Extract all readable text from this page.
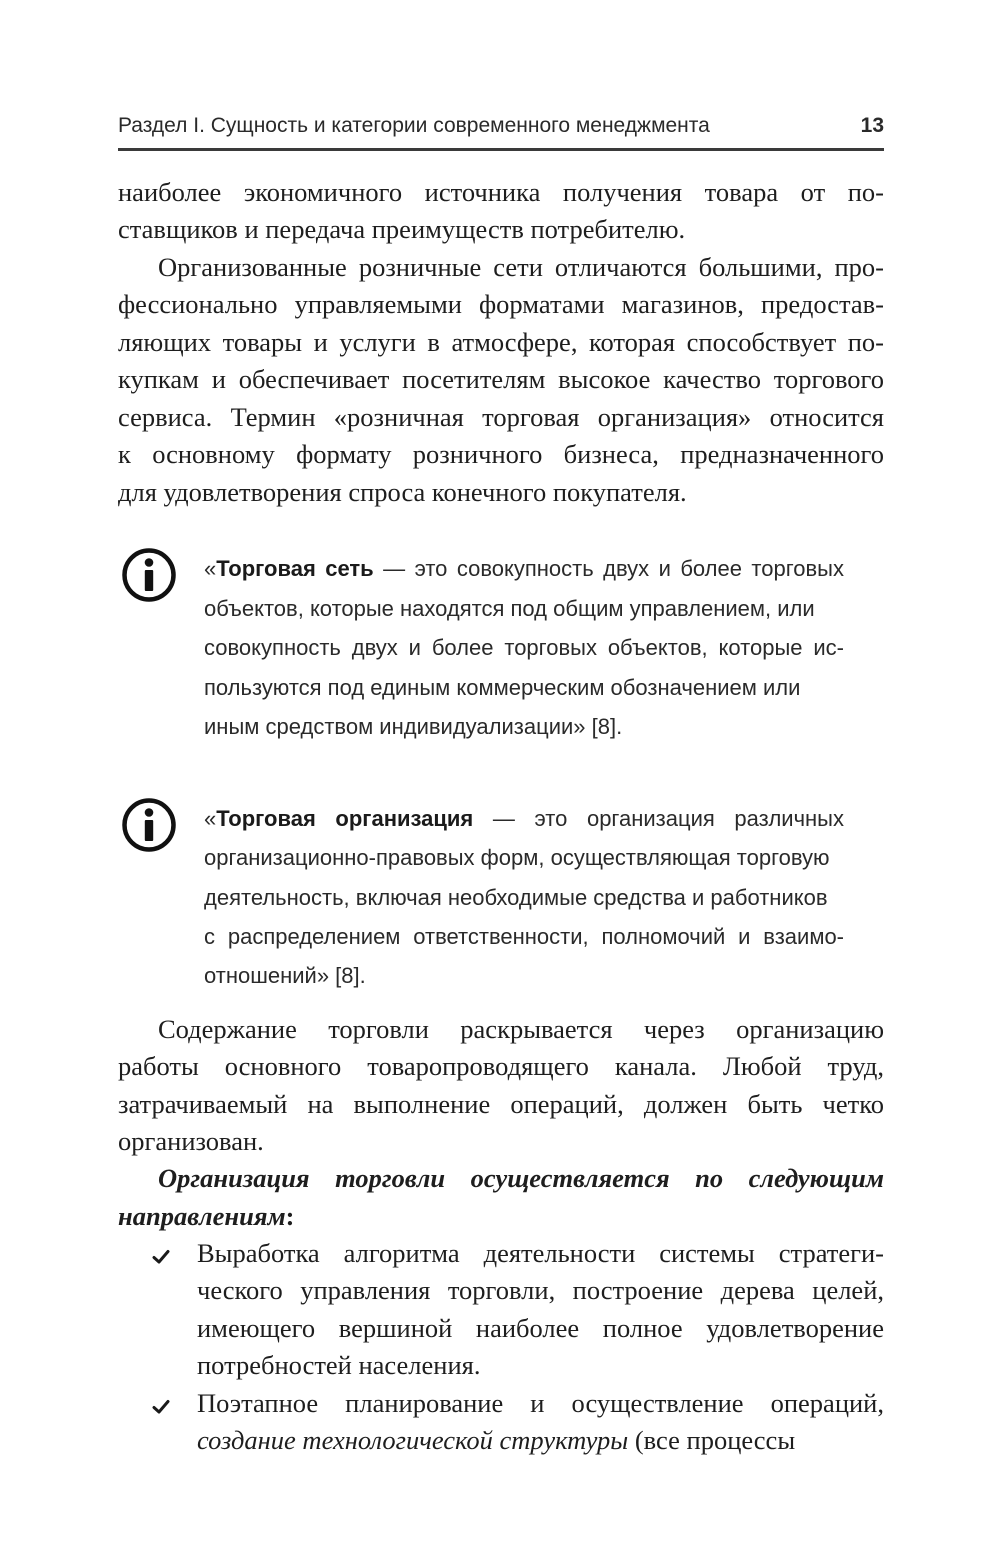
Раздел I. Сущность и категории современного менеджмента	13
наиболее экономичного источника получения товара от по-
ставщиков и передача преимуществ потребителю.
Организованные розничные сети отличаются большими, про-
фессионально управляемыми форматами магазинов, предостав-
ляющих товары и услуги в атмосфере, которая способствует по-
купкам и обеспечивает посетителям высокое качество торгового
сервиса. Термин «розничная торговая организация» относится
к основному формату розничного бизнеса, предназначенного
для удовлетворения спроса конечного покупателя.
«Торговая сеть — это совокупность двух и более торговых
объектов, которые находятся под общим управлением, или
совокупность двух и более торговых объектов, которые ис-
пользуются под единым коммерческим обозначением или
иным средством индивидуализации» [8].
«Торговая организация — это организация различных
организационно-правовых форм, осуществляющая торговую
деятельность, включая необходимые средства и работников
с распределением ответственности, полномочий и взаимо-
отношений» [8].
Содержание торговли раскрывается через организацию
работы основного товаропроводящего канала. Любой труд,
затрачиваемый на выполнение операций, должен быть четко
организован.
Организация торговли осуществляется по следующим
направлениям:
Выработка алгоритма деятельности системы стратеги-
ческого управления торговли, построение дерева целей,
имеющего вершиной наиболее полное удовлетворение
потребностей населения.
Поэтапное планирование и осуществление операций,
создание технологической структуры (все процессы
